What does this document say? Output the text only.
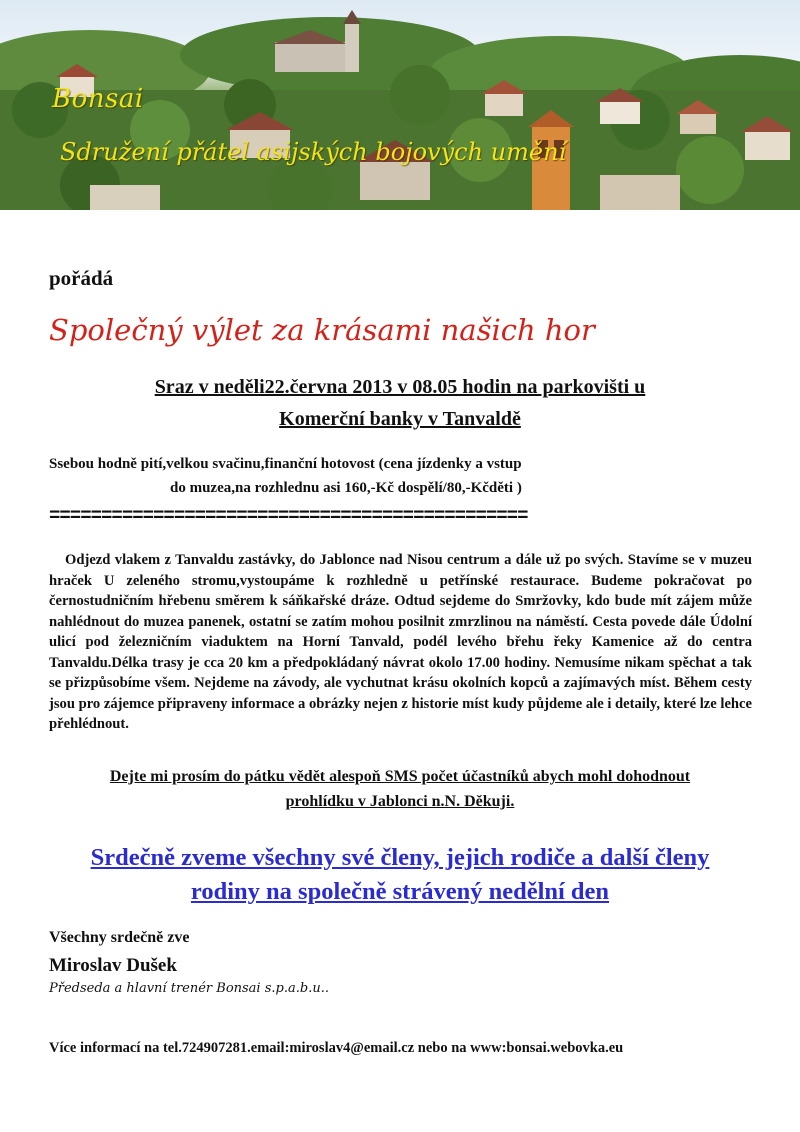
Bonsai
Sdružení přátel asijských bojových umění
pořádá
Společný výlet za krásami našich hor
Sraz v neděli22.června 2013 v 08.05 hodin na parkovišti u
Komerční banky v Tanvaldě
Ssebou hodně pití,velkou svačinu,finanční hotovost (cena jízdenky a vstup
do muzea,na rozhlednu asi 160,-Kč dospělí/80,-Kčděti )
==============================================
Odjezd vlakem z Tanvaldu zastávky, do Jablonce nad Nisou centrum a dále už po svých. Stavíme se v muzeu hraček U zeleného stromu,vystoupáme k rozhledně u petřínské restaurace. Budeme pokračovat po černostudničním hřebenu směrem k sáňkařské dráze. Odtud sejdeme do Smržovky, kdo bude mít zájem může nahlédnout do muzea panenek, ostatní se zatím mohou posilnit zmrzlinou na náměstí. Cesta povede dále Údolní ulicí pod železničním viaduktem na Horní Tanvald, podél levého břehu řeky Kamenice až do centra Tanvaldu.Délka trasy je cca 20 km a předpokládaný návrat okolo 17.00 hodiny. Nemusíme nikam spěchat a tak se přizpůsobíme všem. Nejdeme na závody, ale vychutnat krásu okolních kopců a zajímavých míst. Během cesty jsou pro zájemce připraveny informace a obrázky nejen z historie míst kudy půjdeme ale i detaily, které lze lehce přehlédnout.
Dejte mi prosím do pátku vědět alespoň SMS počet účastníků abych mohl dohodnout
prohlídku v Jablonci n.N. Děkuji.
Srdečně zveme všechny své členy, jejich rodiče a další členy
rodiny na společně strávený nedělní den
Všechny srdečně zve
Miroslav Dušek
Předseda a hlavní trenér Bonsai s.p.a.b.u..
Více informací na tel.724907281.email:miroslav4@email.cz nebo na www:bonsai.webovka.eu
